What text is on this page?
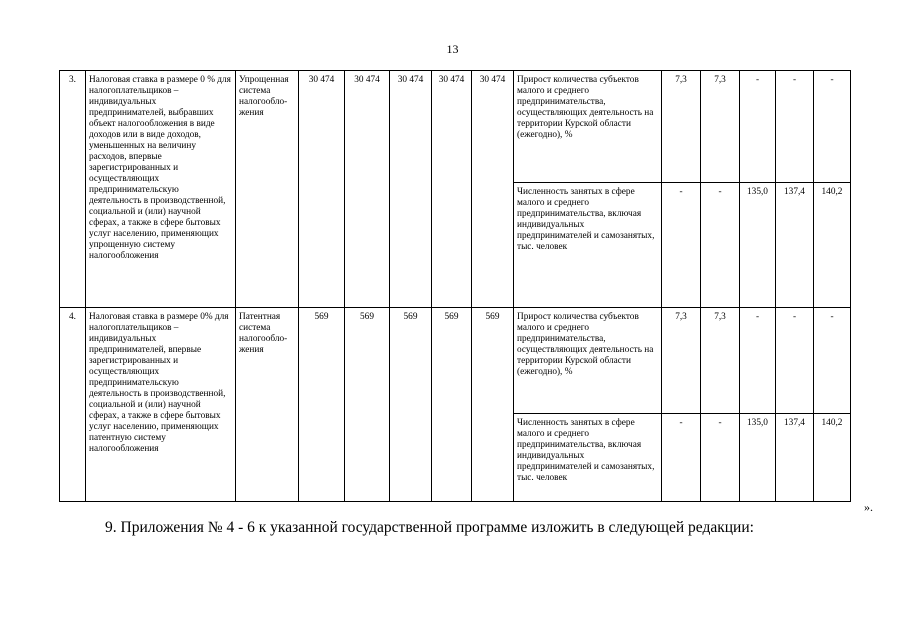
13
3.	Налоговая ставка в размере 0 % для налогоплательщиков – индивидуальных предпринимателей, выбравших объект налогообложения в виде доходов или в виде доходов, уменьшенных на величину расходов, впервые зарегистрированных и осуществляющих предпринимательскую деятельность в производственной, социальной и (или) научной сферах, а также в сфере бытовых услуг населению, применяющих упрощенную систему налогообложения	Упрощенная система налогообло-жения	30 474	30 474	30 474	30 474	30 474	Прирост количества субъектов малого и среднего предпринимательства, осуществляющих деятельность на территории Курской области (ежегодно), %	7,3	7,3	-	-	-
								Численность занятых в сфере малого и среднего предпринимательства, включая индивидуальных предпринимателей и самозанятых, тыс. человек	-	-	135,0	137,4	140,2
4.	Налоговая ставка в размере 0% для налогоплательщиков – индивидуальных предпринимателей, впервые зарегистрированных и осуществляющих предпринимательскую деятельность в производственной, социальной и (или) научной сферах, а также в сфере бытовых услуг населению, применяющих патентную систему налогообложения	Патентная система налогообло-жения	569	569	569	569	569	Прирост количества субъектов малого и среднего предпринимательства, осуществляющих деятельность на территории Курской области (ежегодно), %	7,3	7,3	-	-	-
								Численность занятых в сфере малого и среднего предпринимательства, включая индивидуальных предпринимателей и самозанятых, тыс. человек	-	-	135,0	137,4	140,2
».
9. Приложения № 4 - 6 к указанной государственной программе изложить в следующей редакции:
